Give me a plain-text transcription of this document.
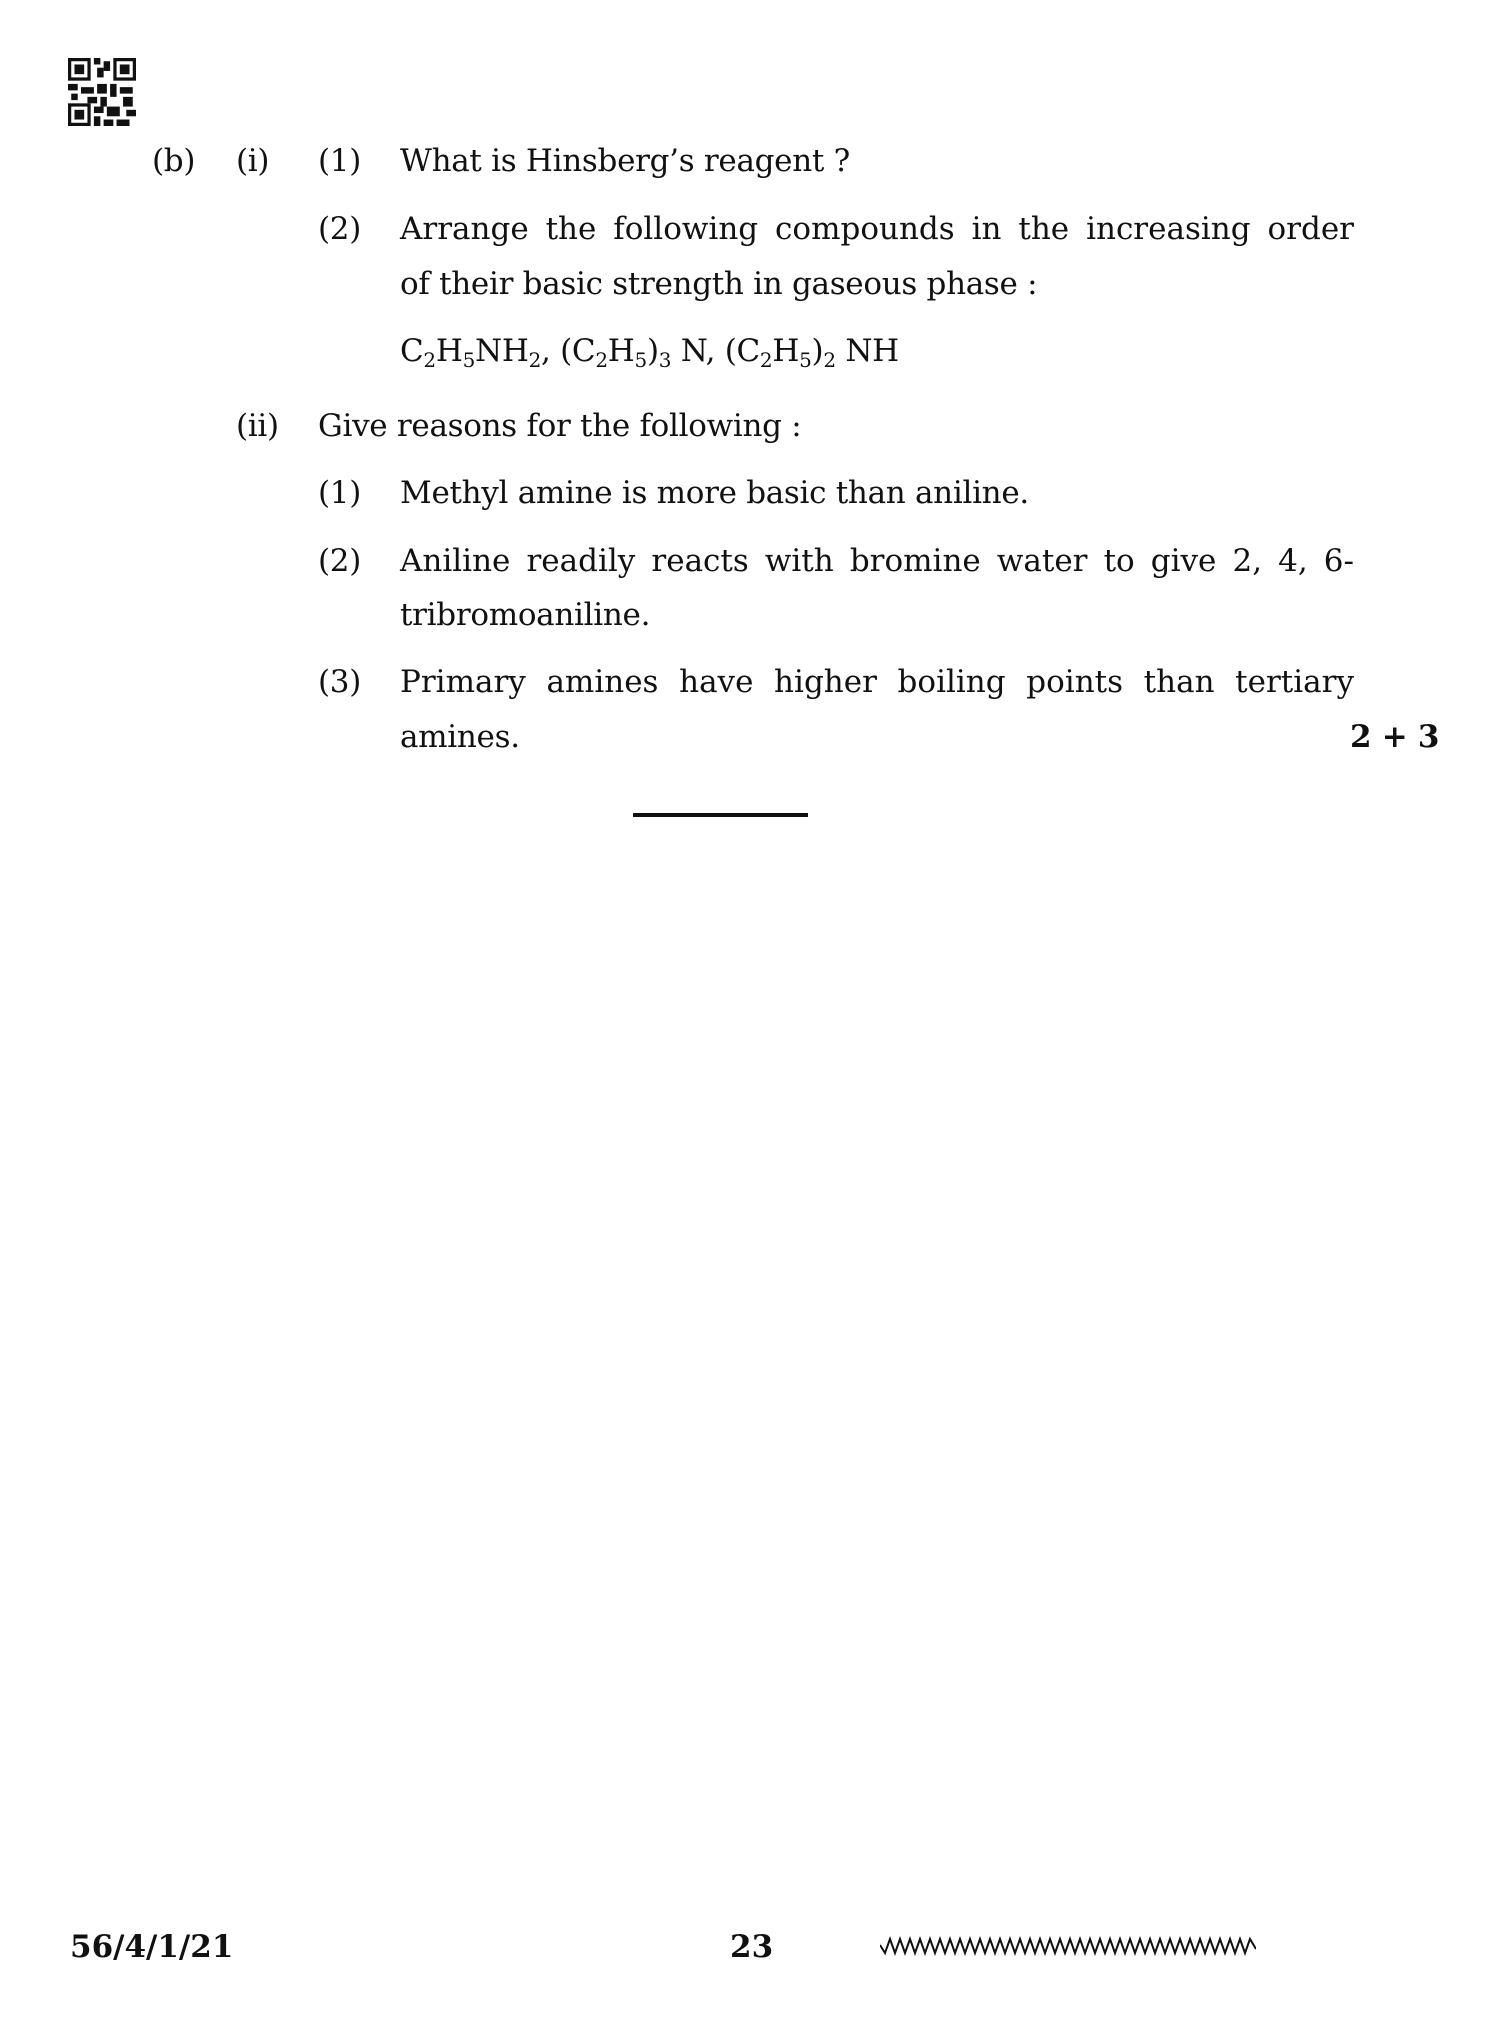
(b) (i) (1) What is Hinsberg’s reagent ?
(2) Arrange the following compounds in the increasing order
of their basic strength in gaseous phase :
$C_2H_5NH_2$, $(C_2H_5)_3$ N, $(C_2H_5)_2$ NH
(ii) Give reasons for the following :
(1) Methyl amine is more basic than aniline.
(2) Aniline readily reacts with bromine water to give 2, 4, 6-
tribromoaniline.
(3) Primary amines have higher boiling points than tertiary
amines.	2 + 3
56/4/1/21	23
